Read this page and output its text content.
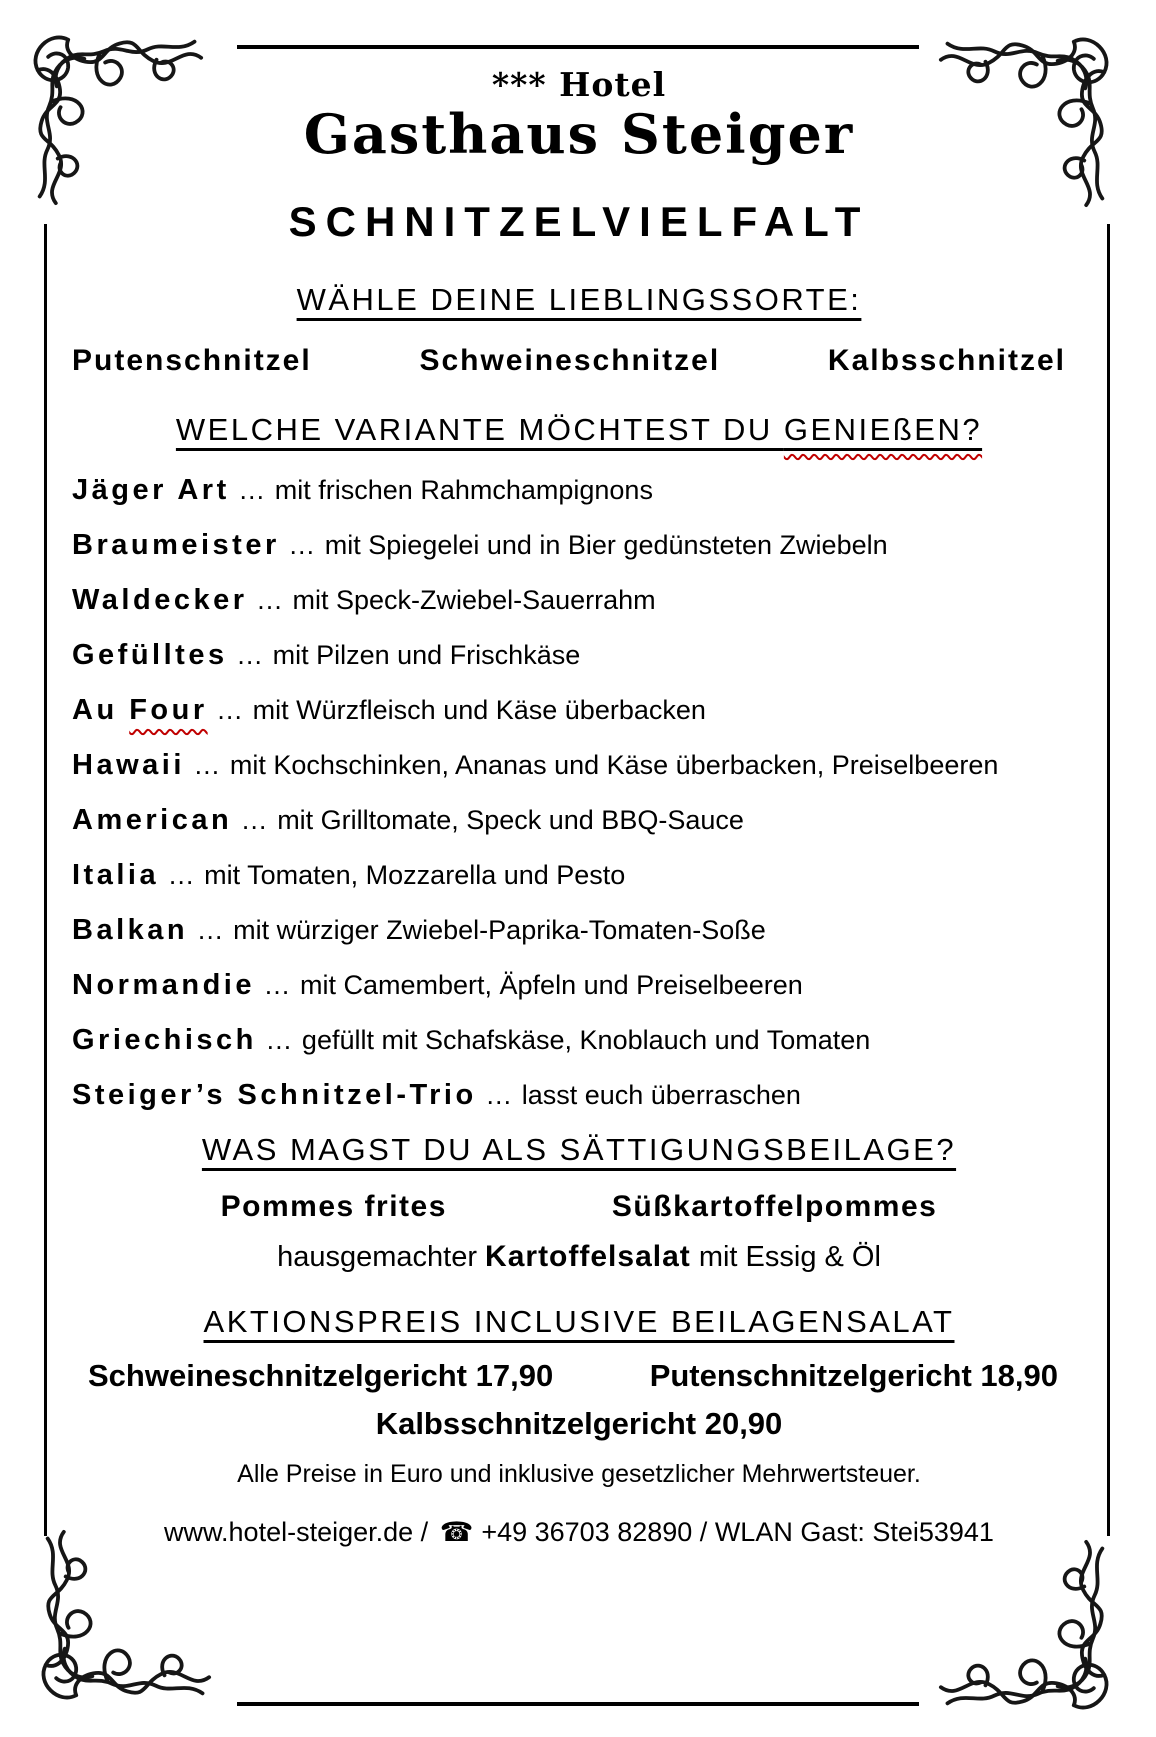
*** Hotel
Gasthaus Steiger
SCHNITZELVIELFALT
WÄHLE DEINE LIEBLINGSSORTE:
Putenschnitzel	Schweineschnitzel	Kalbsschnitzel
WELCHE VARIANTE MÖCHTEST DU GENIEßEN?
Jäger Art … mit frischen Rahmchampignons
Braumeister … mit Spiegelei und in Bier gedünsteten Zwiebeln
Waldecker … mit Speck-Zwiebel-Sauerrahm
Gefülltes … mit Pilzen und Frischkäse
Au Four … mit Würzfleisch und Käse überbacken
Hawaii … mit Kochschinken, Ananas und Käse überbacken, Preiselbeeren
American … mit Grilltomate, Speck und BBQ-Sauce
Italia … mit Tomaten, Mozzarella und Pesto
Balkan … mit würziger Zwiebel-Paprika-Tomaten-Soße
Normandie … mit Camembert, Äpfeln und Preiselbeeren
Griechisch … gefüllt mit Schafskäse, Knoblauch und Tomaten
Steiger’s Schnitzel-Trio … lasst euch überraschen
WAS MAGST DU ALS SÄTTIGUNGSBEILAGE?
Pommes frites	Süßkartoffelpommes
hausgemachter Kartoffelsalat mit Essig & Öl
AKTIONSPREIS INCLUSIVE BEILAGENSALAT
Schweineschnitzelgericht 17,90	Putenschnitzelgericht 18,90
Kalbsschnitzelgericht 20,90
Alle Preise in Euro und inklusive gesetzlicher Mehrwertsteuer.
www.hotel-steiger.de / ☎ +49 36703 82890 / WLAN Gast: Stei53941
